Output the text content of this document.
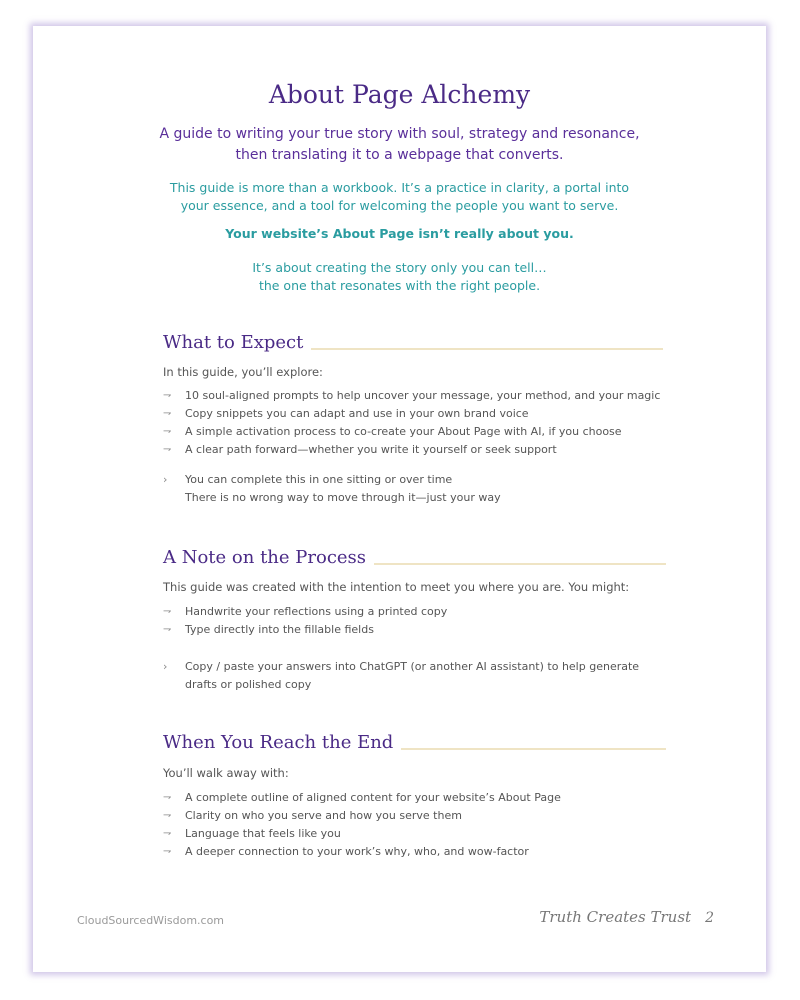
About Page Alchemy
A guide to writing your true story with soul, strategy and resonance,
then translating it to a webpage that converts.
This guide is more than a workbook. It’s a practice in clarity, a portal into
your essence, and a tool for welcoming the people you want to serve.
Your website’s About Page isn’t really about you.
It’s about creating the story only you can tell…
the one that resonates with the right people.
What to Expect
In this guide, you’ll explore:
⇁ 10 soul-aligned prompts to help uncover your message, your method, and your magic
⇁ Copy snippets you can adapt and use in your own brand voice
⇁ A simple activation process to co-create your About Page with AI, if you choose
⇁ A clear path forward—whether you write it yourself or seek support
› You can complete this in one sitting or over time
There is no wrong way to move through it—just your way
A Note on the Process
This guide was created with the intention to meet you where you are. You might:
⇁ Handwrite your reflections using a printed copy
⇁ Type directly into the fillable fields
› Copy / paste your answers into ChatGPT (or another AI assistant) to help generate
drafts or polished copy
When You Reach the End
You’ll walk away with:
⇁ A complete outline of aligned content for your website’s About Page
⇁ Clarity on who you serve and how you serve them
⇁ Language that feels like you
⇁ A deeper connection to your work’s why, who, and wow-factor
CloudSourcedWisdom.com	Truth Creates Trust 2
